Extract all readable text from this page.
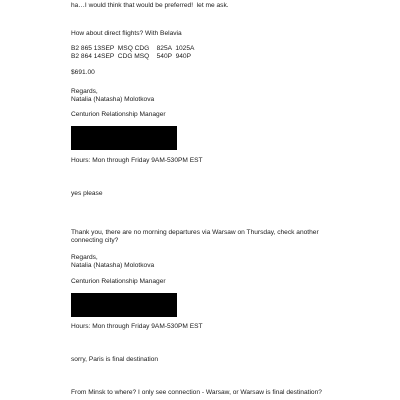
ha…I would think that would be preferred!  let me ask.
How about direct flights? With Belavia
B2 865 13SEP  MSQ CDG    825A  1025A
B2 864 14SEP  CDG MSQ    540P  940P
$691.00
Regards,
Natalia (Natasha) Molotkova
Centurion Relationship Manager
Hours: Mon through Friday 9AM-530PM EST
yes please
Thank you, there are no morning departures via Warsaw on Thursday, check another
connecting city?
Regards,
Natalia (Natasha) Molotkova
Centurion Relationship Manager
Hours: Mon through Friday 9AM-530PM EST
sorry, Paris is final destination
From Minsk to where? I only see connection - Warsaw, or Warsaw is final destination?
